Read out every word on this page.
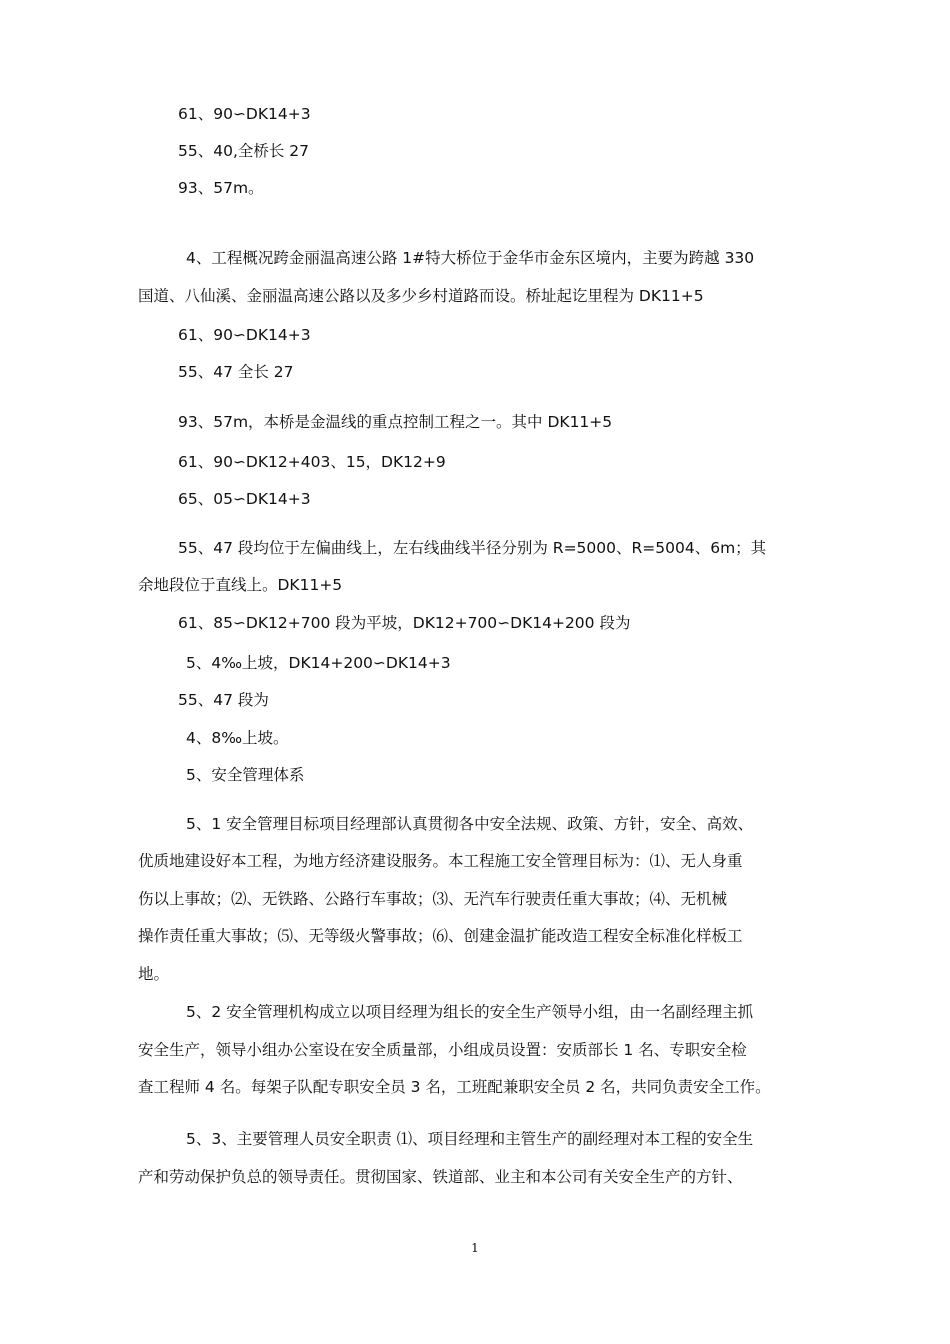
61、90∽DK14+3

55、40,全桥长 27

93、57m。

4、工程概况跨金丽温高速公路 1#特大桥位于金华市金东区境内，主要为跨越 330

国道、八仙溪、金丽温高速公路以及多少乡村道路而设。桥址起讫里程为 DK11+5

61、90∽DK14+3

55、47 全长 27

93、57m，本桥是金温线的重点控制工程之一。其中 DK11+5

61、90∽DK12+403、15，DK12+9

65、05∽DK14+3

55、47 段均位于左偏曲线上，左右线曲线半径分别为 R=5000、R=5004、6m；其

余地段位于直线上。DK11+5

61、85∽DK12+700 段为平坡，DK12+700∽DK14+200 段为

5、4‰上坡，DK14+200∽DK14+3

55、47 段为

4、8‰上坡。

5、安全管理体系

5、1 安全管理目标项目经理部认真贯彻各中安全法规、政策、方针，安全、高效、

优质地建设好本工程，为地方经济建设服务。本工程施工安全管理目标为：⑴、无人身重

伤以上事故；⑵、无铁路、公路行车事故；⑶、无汽车行驶责任重大事故；⑷、无机械

操作责任重大事故；⑸、无等级火警事故；⑹、创建金温扩能改造工程安全标准化样板工

地。

5、2 安全管理机构成立以项目经理为组长的安全生产领导小组，由一名副经理主抓

安全生产，领导小组办公室设在安全质量部，小组成员设置：安质部长 1 名、专职安全检

查工程师 4 名。每架子队配专职安全员 3 名，工班配兼职安全员 2 名，共同负责安全工作。

5、3、主要管理人员安全职责 ⑴、项目经理和主管生产的副经理对本工程的安全生

产和劳动保护负总的领导责任。贯彻国家、铁道部、业主和本公司有关安全生产的方针、

1
